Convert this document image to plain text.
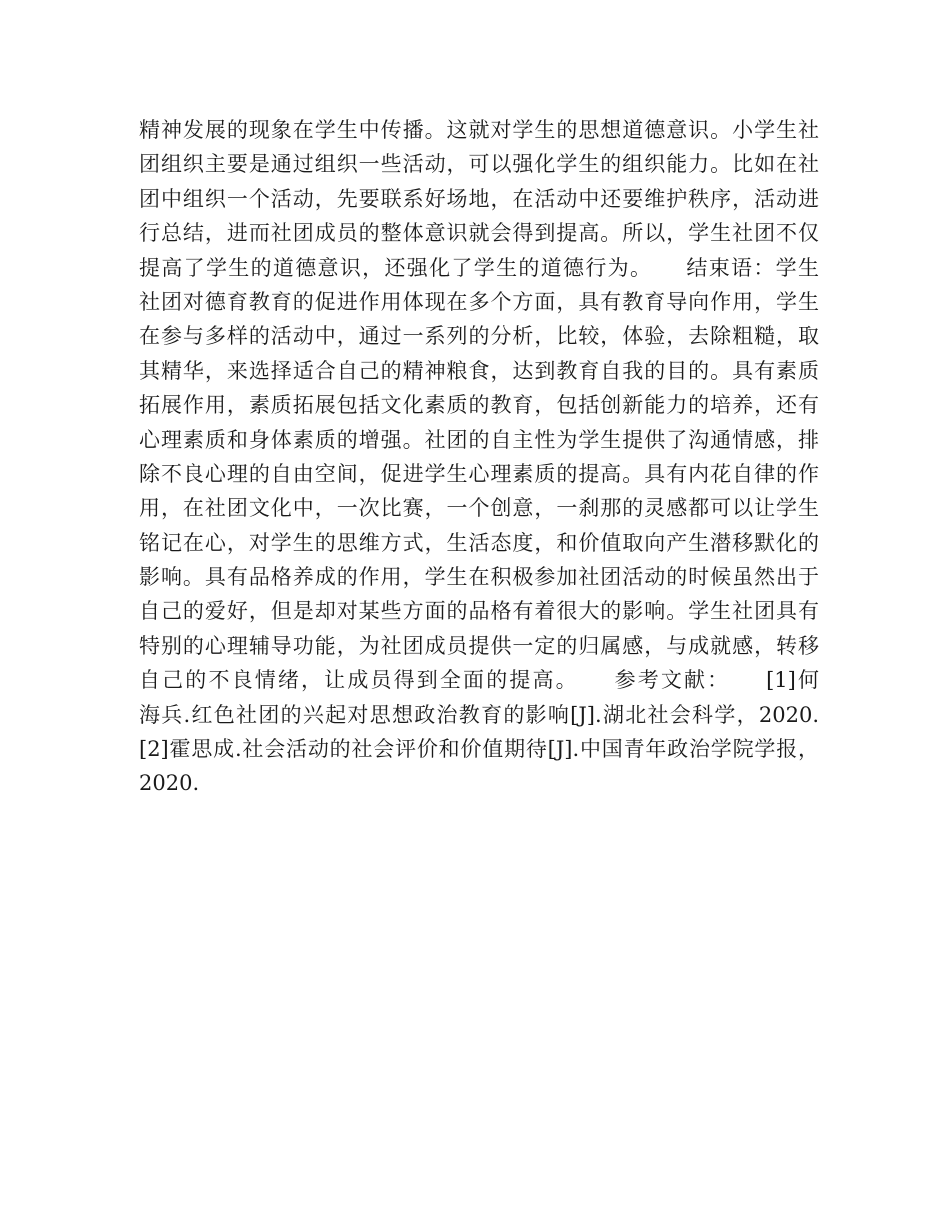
精神发展的现象在学生中传播。这就对学生的思想道德意识。小学生社
团组织主要是通过组织一些活动，可以强化学生的组织能力。比如在社
团中组织一个活动，先要联系好场地，在活动中还要维护秩序，活动进
行总结，进而社团成员的整体意识就会得到提高。所以，学生社团不仅
提高了学生的道德意识，还强化了学生的道德行为。　　结束语：学生
社团对德育教育的促进作用体现在多个方面，具有教育导向作用，学生
在参与多样的活动中，通过一系列的分析，比较，体验，去除粗糙，取
其精华，来选择适合自己的精神粮食，达到教育自我的目的。具有素质
拓展作用，素质拓展包括文化素质的教育，包括创新能力的培养，还有
心理素质和身体素质的增强。社团的自主性为学生提供了沟通情感，排
除不良心理的自由空间，促进学生心理素质的提高。具有内花自律的作
用，在社团文化中，一次比赛，一个创意，一刹那的灵感都可以让学生
铭记在心，对学生的思维方式，生活态度，和价值取向产生潜移默化的
影响。具有品格养成的作用，学生在积极参加社团活动的时候虽然出于
自己的爱好，但是却对某些方面的品格有着很大的影响。学生社团具有
特别的心理辅导功能，为社团成员提供一定的归属感，与成就感，转移
自己的不良情绪，让成员得到全面的提高。　　参考文献：　　[1]何
海兵.红色社团的兴起对思想政治教育的影响[J].湖北社会科学，2020.
[2]霍思成.社会活动的社会评价和价值期待[J].中国青年政治学院学报，
2020.
